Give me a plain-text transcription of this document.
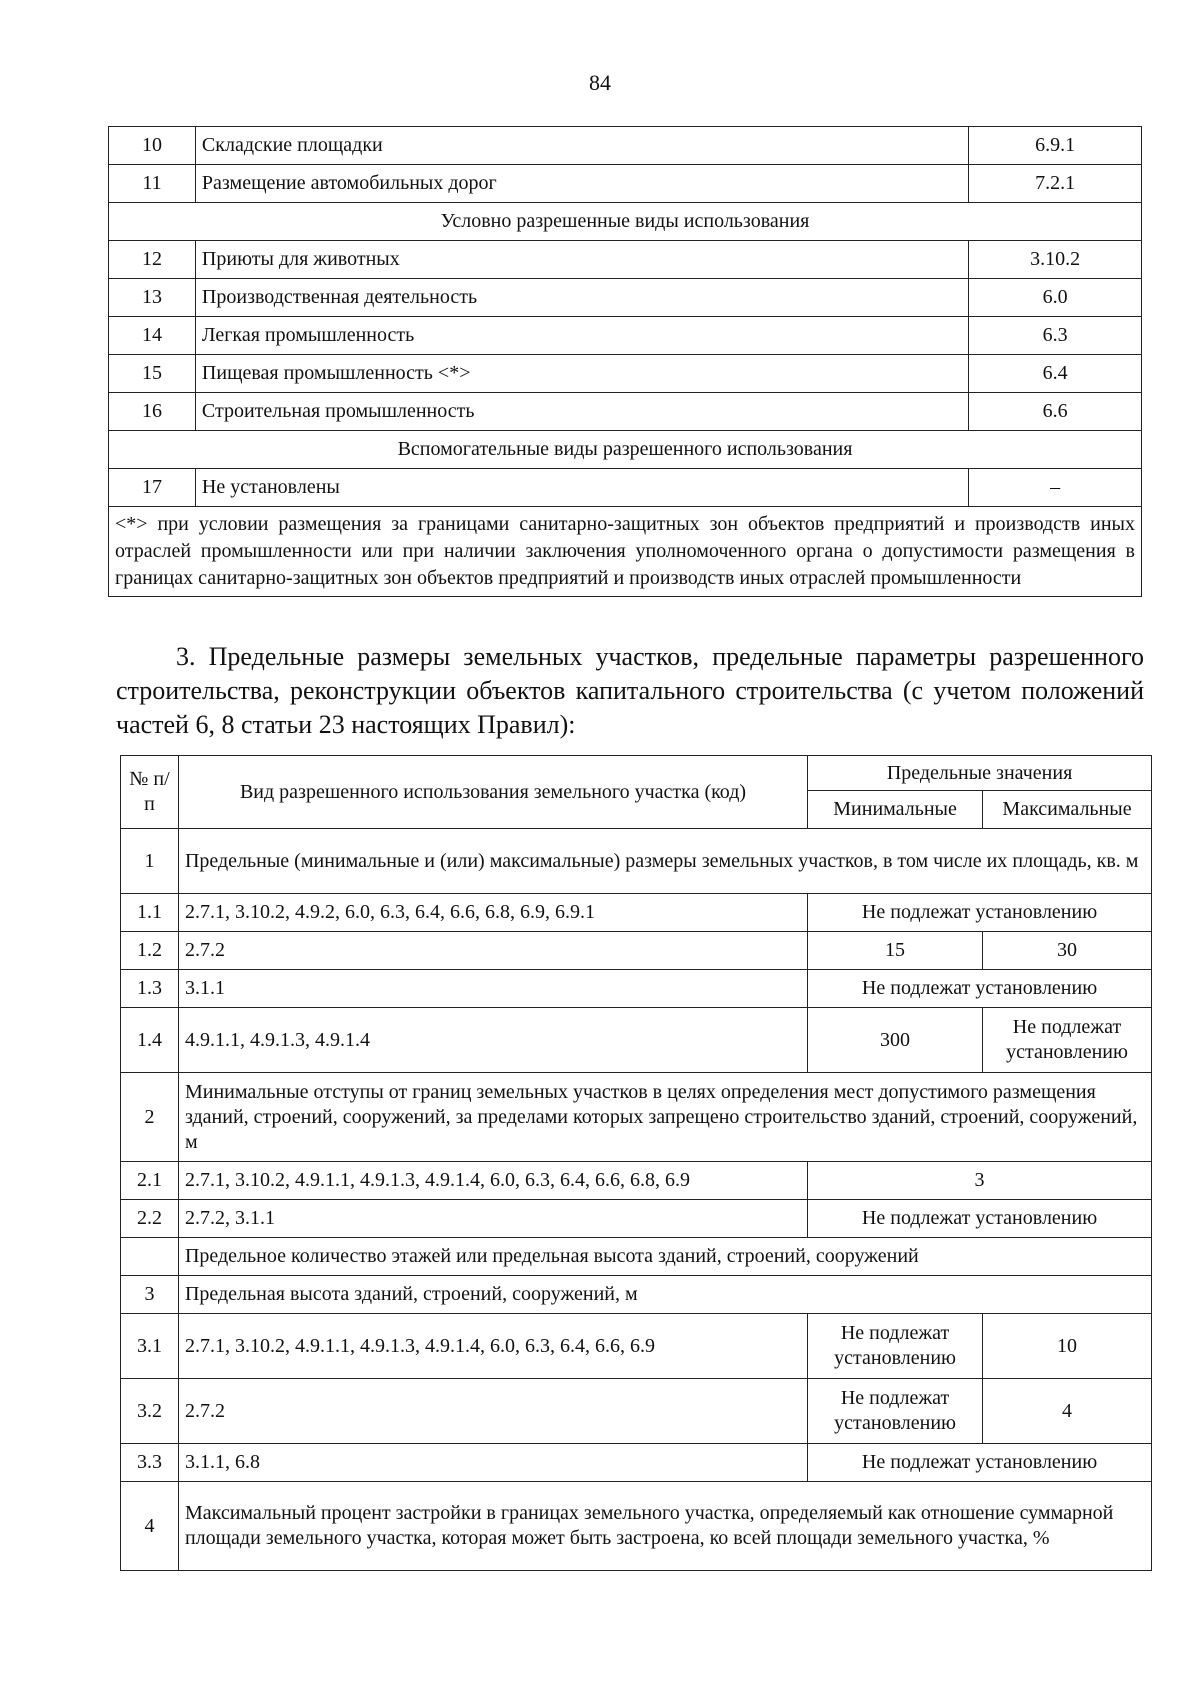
84
10	Складские площадки	6.9.1
11	Размещение автомобильных дорог	7.2.1
Условно разрешенные виды использования		
12	Приюты для животных	3.10.2
13	Производственная деятельность	6.0
14	Легкая промышленность	6.3
15	Пищевая промышленность <*>	6.4
16	Строительная промышленность	6.6
Вспомогательные виды разрешенного использования		
17	Не установлены	–
<*> при условии размещения за границами санитарно-защитных зон объектов предприятий и производств иных отраслей промышленности или при наличии заключения уполномоченного органа о допустимости размещения в границах санитарно-защитных зон объектов предприятий и производств иных отраслей промышленности		

3. Предельные размеры земельных участков, предельные параметры разрешенного строительства, реконструкции объектов капитального строительства (с учетом положений частей 6, 8 статьи 23 настоящих Правил):

№ п/п	Вид разрешенного использования земельного участка (код)	Предельные значения	
		Минимальные	Максимальные
1	Предельные (минимальные и (или) максимальные) размеры земельных участков, в том числе их площадь, кв. м		
1.1	2.7.1, 3.10.2, 4.9.2, 6.0, 6.3, 6.4, 6.6, 6.8, 6.9, 6.9.1	Не подлежат установлению	
1.2	2.7.2	15	30
1.3	3.1.1	Не подлежат установлению	
1.4	4.9.1.1, 4.9.1.3, 4.9.1.4	300	Не подлежат установлению
2	Минимальные отступы от границ земельных участков в целях определения мест допустимого размещения зданий, строений, сооружений, за пределами которых запрещено строительство зданий, строений, сооружений, м		
2.1	2.7.1, 3.10.2, 4.9.1.1, 4.9.1.3, 4.9.1.4, 6.0, 6.3, 6.4, 6.6, 6.8, 6.9	3	
2.2	2.7.2, 3.1.1	Не подлежат установлению	
	Предельное количество этажей или предельная высота зданий, строений, сооружений		
3	Предельная высота зданий, строений, сооружений, м		
3.1	2.7.1, 3.10.2, 4.9.1.1, 4.9.1.3, 4.9.1.4, 6.0, 6.3, 6.4, 6.6, 6.9	Не подлежат установлению	10
3.2	2.7.2	Не подлежат установлению	4
3.3	3.1.1, 6.8	Не подлежат установлению	
4	Максимальный процент застройки в границах земельного участка, определяемый как отношение суммарной площади земельного участка, которая может быть застроена, ко всей площади земельного участка, %		
